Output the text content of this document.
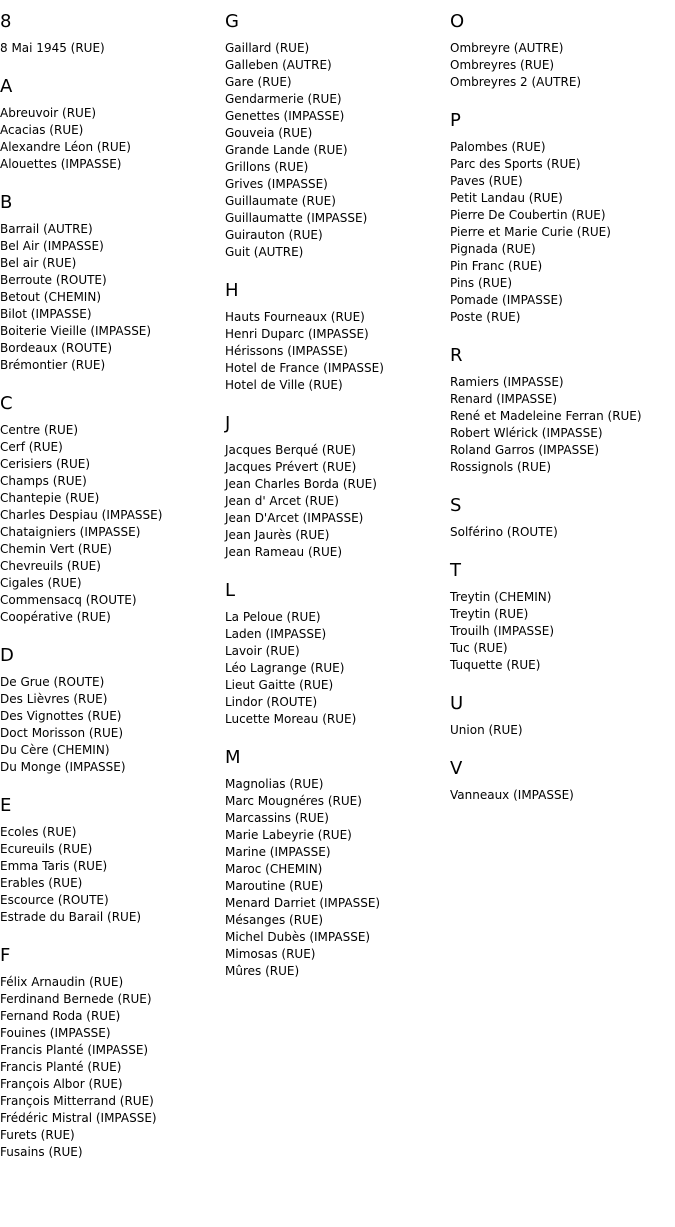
8
8 Mai 1945 (RUE)
A
Abreuvoir (RUE)
Acacias (RUE)
Alexandre Léon (RUE)
Alouettes (IMPASSE)
B
Barrail (AUTRE)
Bel Air (IMPASSE)
Bel air (RUE)
Berroute (ROUTE)
Betout (CHEMIN)
Bilot (IMPASSE)
Boiterie Vieille (IMPASSE)
Bordeaux (ROUTE)
Brémontier (RUE)
C
Centre (RUE)
Cerf (RUE)
Cerisiers (RUE)
Champs (RUE)
Chantepie (RUE)
Charles Despiau (IMPASSE)
Chataigniers (IMPASSE)
Chemin Vert (RUE)
Chevreuils (RUE)
Cigales (RUE)
Commensacq (ROUTE)
Coopérative (RUE)
D
De Grue (ROUTE)
Des Lièvres (RUE)
Des Vignottes (RUE)
Doct Morisson (RUE)
Du Cère (CHEMIN)
Du Monge (IMPASSE)
E
Ecoles (RUE)
Ecureuils (RUE)
Emma Taris (RUE)
Erables (RUE)
Escource (ROUTE)
Estrade du Barail (RUE)
F
Félix Arnaudin (RUE)
Ferdinand Bernede (RUE)
Fernand Roda (RUE)
Fouines (IMPASSE)
Francis Planté (IMPASSE)
Francis Planté (RUE)
François Albor (RUE)
François Mitterrand (RUE)
Frédéric Mistral (IMPASSE)
Furets (RUE)
Fusains (RUE)
G
Gaillard (RUE)
Galleben (AUTRE)
Gare (RUE)
Gendarmerie (RUE)
Genettes (IMPASSE)
Gouveia (RUE)
Grande Lande (RUE)
Grillons (RUE)
Grives (IMPASSE)
Guillaumate (RUE)
Guillaumatte (IMPASSE)
Guirauton (RUE)
Guit (AUTRE)
H
Hauts Fourneaux (RUE)
Henri Duparc (IMPASSE)
Hérissons (IMPASSE)
Hotel de France (IMPASSE)
Hotel de Ville (RUE)
J
Jacques Berqué (RUE)
Jacques Prévert (RUE)
Jean Charles Borda (RUE)
Jean d' Arcet (RUE)
Jean D'Arcet (IMPASSE)
Jean Jaurès (RUE)
Jean Rameau (RUE)
L
La Peloue (RUE)
Laden (IMPASSE)
Lavoir (RUE)
Léo Lagrange (RUE)
Lieut Gaitte (RUE)
Lindor (ROUTE)
Lucette Moreau (RUE)
M
Magnolias (RUE)
Marc Mougnéres (RUE)
Marcassins (RUE)
Marie Labeyrie (RUE)
Marine (IMPASSE)
Maroc (CHEMIN)
Maroutine (RUE)
Menard Darriet (IMPASSE)
Mésanges (RUE)
Michel Dubès (IMPASSE)
Mimosas (RUE)
Mûres (RUE)
O
Ombreyre (AUTRE)
Ombreyres (RUE)
Ombreyres 2 (AUTRE)
P
Palombes (RUE)
Parc des Sports (RUE)
Paves (RUE)
Petit Landau (RUE)
Pierre De Coubertin (RUE)
Pierre et Marie Curie (RUE)
Pignada (RUE)
Pin Franc (RUE)
Pins (RUE)
Pomade (IMPASSE)
Poste (RUE)
R
Ramiers (IMPASSE)
Renard (IMPASSE)
René et Madeleine Ferran (RUE)
Robert Wlérick (IMPASSE)
Roland Garros (IMPASSE)
Rossignols (RUE)
S
Solférino (ROUTE)
T
Treytin (CHEMIN)
Treytin (RUE)
Trouilh (IMPASSE)
Tuc (RUE)
Tuquette (RUE)
U
Union (RUE)
V
Vanneaux (IMPASSE)
